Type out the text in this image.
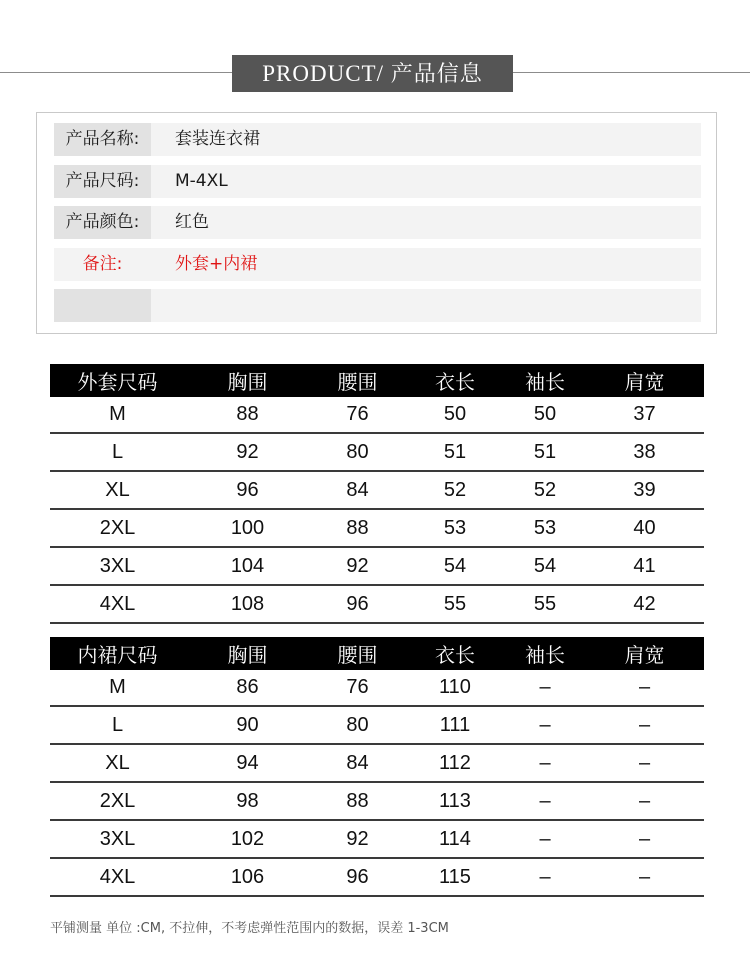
PRODUCT/ 产品信息
产品名称:	套装连衣裙
产品尺码:	M-4XL
产品颜色:	红色
备注:	外套+内裙
外套尺码	胸围	腰围	衣长	袖长	肩宽
M	88	76	50	50	37
L	92	80	51	51	38
XL	96	84	52	52	39
2XL	100	88	53	53	40
3XL	104	92	54	54	41
4XL	108	96	55	55	42
内裙尺码	胸围	腰围	衣长	袖长	肩宽
M	86	76	110	–	–
L	90	80	111	–	–
XL	94	84	112	–	–
2XL	98	88	113	–	–
3XL	102	92	114	–	–
4XL	106	96	115	–	–
平铺测量 单位 :CM, 不拉伸，不考虑弹性范围内的数据，误差 1-3CM
